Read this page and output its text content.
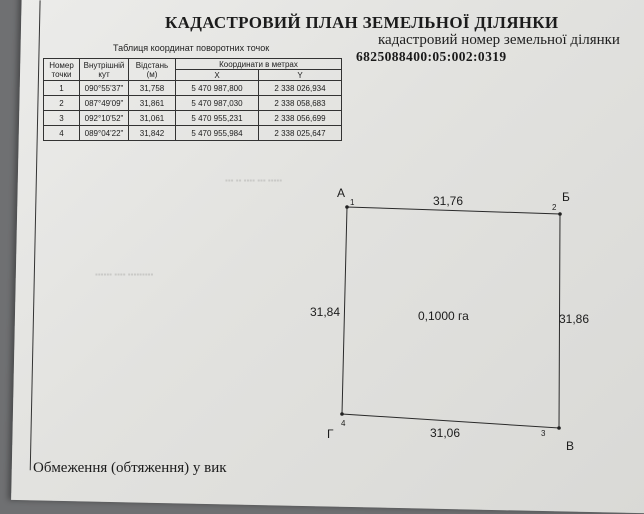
▪▪▪ ▪▪ ▪▪▪▪ ▪▪▪ ▪▪▪▪▪
▪▪▪▪▪▪ ▪▪▪▪ ▪▪▪▪▪▪▪▪▪
КАДАСТРОВИЙ ПЛАН ЗЕМЕЛЬНОЇ ДІЛЯНКИ
кадастровий номер земельної ділянки
6825088400:05:002:0319
Таблиця координат поворотних точок
Номер точки	Внутрішній кут	Відстань (м)	Координати в метрах	
			X	Y
1	090°55'37"	31,758	5 470 987,800	2 338 026,934
2	087°49'09"	31,861	5 470 987,030	2 338 058,683
3	092°10'52"	31,061	5 470 955,231	2 338 056,699
4	089°04'22"	31,842	5 470 955,984	2 338 025,647
А	Б
В
Г
1
2
3
4
31,76
31,86
31,06
31,84	0,1000 га
Обмеження (обтяження) у вик
